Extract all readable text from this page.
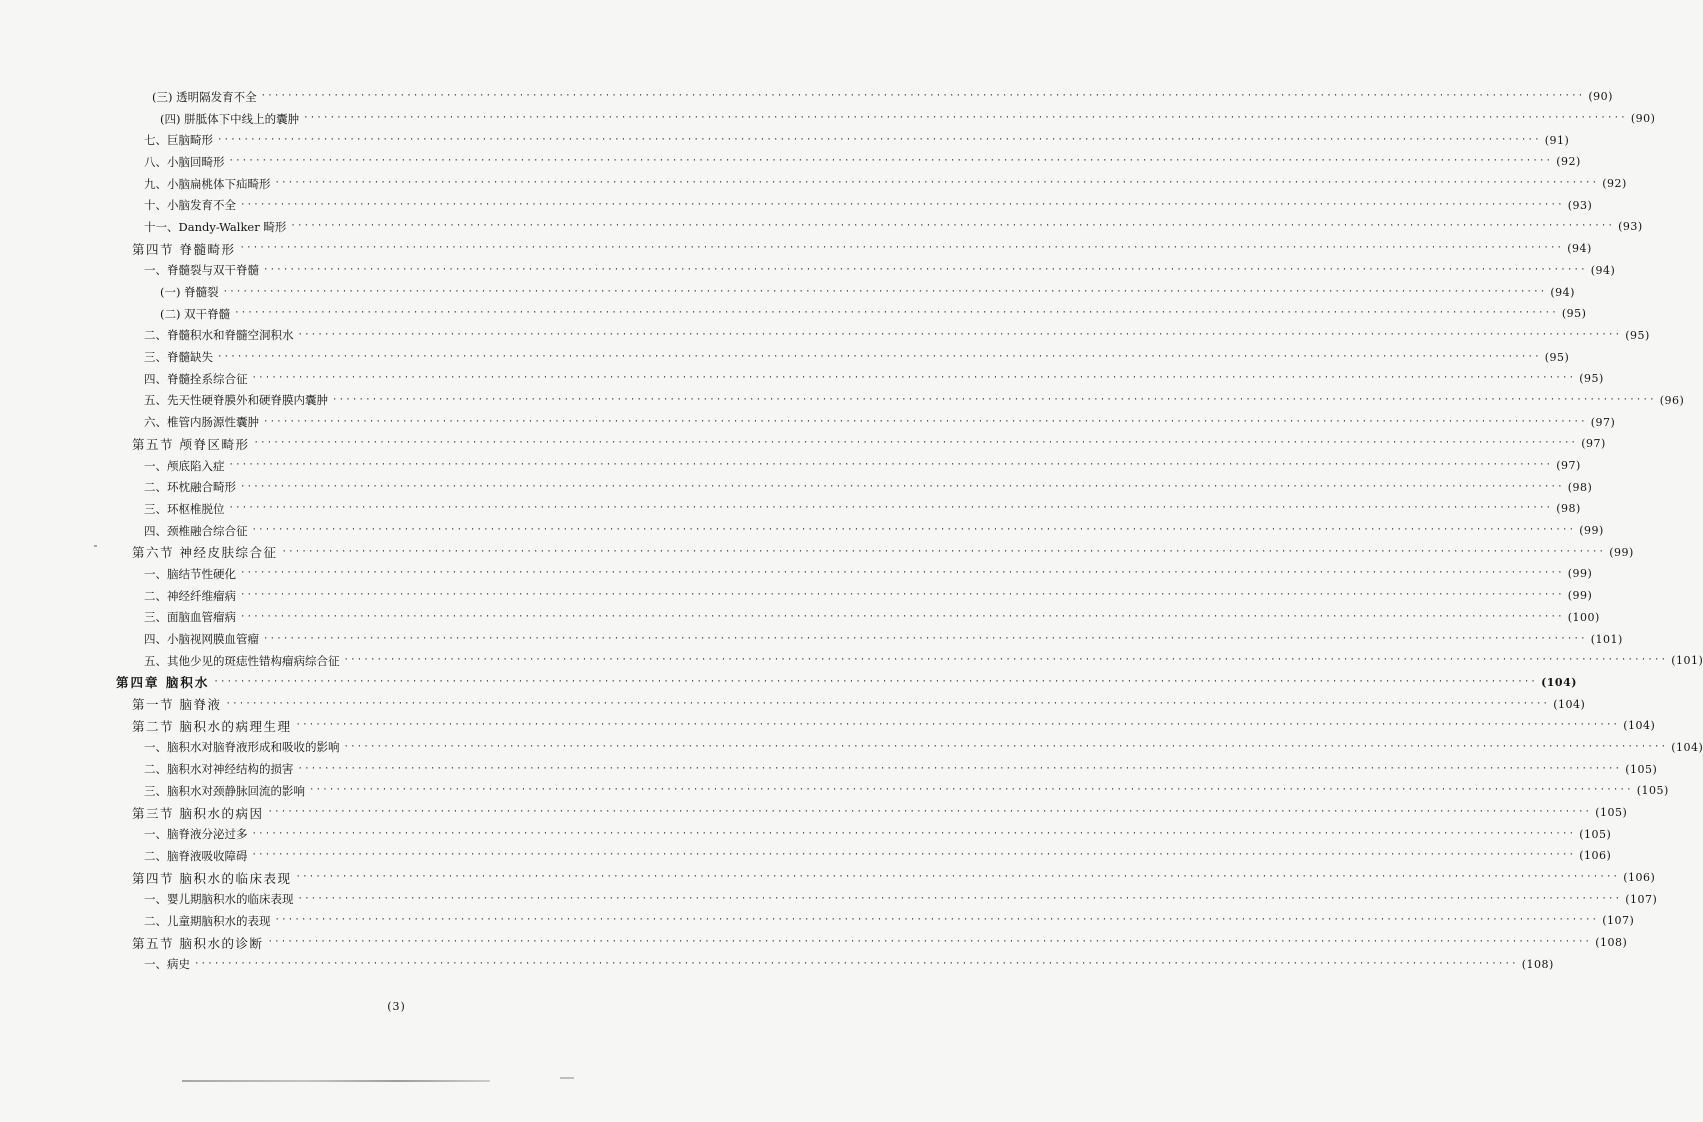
(三) 透明隔发育不全 ········································································································································································································ (90)
(四) 胼胝体下中线上的囊肿 ········································································································································································································ (90)
七、巨脑畸形 ········································································································································································································ (91)
八、小脑回畸形 ········································································································································································································ (92)
九、小脑扁桃体下疝畸形 ········································································································································································································ (92)
十、小脑发育不全 ········································································································································································································ (93)
十一、Dandy-Walker 畸形 ········································································································································································································ (93)
第四节 脊髓畸形 ········································································································································································································ (94)
一、脊髓裂与双干脊髓 ········································································································································································································ (94)
(一) 脊髓裂 ········································································································································································································ (94)
(二) 双干脊髓 ········································································································································································································ (95)
二、脊髓积水和脊髓空洞积水 ········································································································································································································ (95)
三、脊髓缺失 ········································································································································································································ (95)
四、脊髓拴系综合征 ········································································································································································································ (95)
五、先天性硬脊膜外和硬脊膜内囊肿 ········································································································································································································ (96)
六、椎管内肠源性囊肿 ········································································································································································································ (97)
第五节 颅脊区畸形 ········································································································································································································ (97)
一、颅底陷入症 ········································································································································································································ (97)
二、环枕融合畸形 ········································································································································································································ (98)
三、环枢椎脱位 ········································································································································································································ (98)
四、颈椎融合综合征 ········································································································································································································ (99)
第六节 神经皮肤综合征 ········································································································································································································ (99)
一、脑结节性硬化 ········································································································································································································ (99)
二、神经纤维瘤病 ········································································································································································································ (99)
三、面脑血管瘤病 ········································································································································································································ (100)
四、小脑视网膜血管瘤 ········································································································································································································ (101)
五、其他少见的斑痣性错构瘤病综合征 ········································································································································································································ (101)
第四章 脑积水 ········································································································································································································ (104)
第一节 脑脊液 ········································································································································································································ (104)
第二节 脑积水的病理生理 ········································································································································································································ (104)
一、脑积水对脑脊液形成和吸收的影响 ········································································································································································································ (104)
二、脑积水对神经结构的损害 ········································································································································································································ (105)
三、脑积水对颈静脉回流的影响 ········································································································································································································ (105)
第三节 脑积水的病因 ········································································································································································································ (105)
一、脑脊液分泌过多 ········································································································································································································ (105)
二、脑脊液吸收障碍 ········································································································································································································ (106)
第四节 脑积水的临床表现 ········································································································································································································ (106)
一、婴儿期脑积水的临床表现 ········································································································································································································ (107)
二、儿童期脑积水的表现 ········································································································································································································ (107)
第五节 脑积水的诊断 ········································································································································································································ (108)
一、病史 ········································································································································································································ (108)
(3)
